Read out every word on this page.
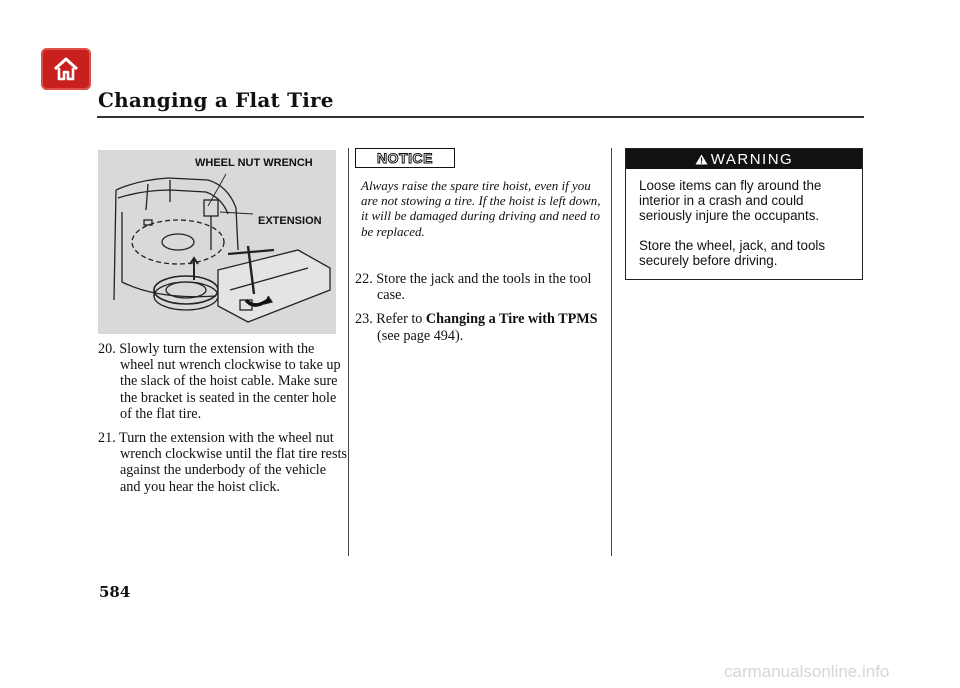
Changing a Flat Tire
WHEEL NUT WRENCH
EXTENSION
20. Slowly turn the extension with the wheel nut wrench clockwise to take up the slack of the hoist cable. Make sure the bracket is seated in the center hole of the flat tire.
21. Turn the extension with the wheel nut wrench clockwise until the flat tire rests against the underbody of the vehicle and you hear the hoist click.
NOTICE
Always raise the spare tire hoist, even if you are not stowing a tire. If the hoist is left down, it will be damaged during driving and need to be replaced.
22. Store the jack and the tools in the tool case.
23. Refer to Changing a Tire with TPMS (see page 494).
WARNING

Loose items can fly around the interior in a crash and could seriously injure the occupants.

Store the wheel, jack, and tools securely before driving.

584
carmanualsonline.info
